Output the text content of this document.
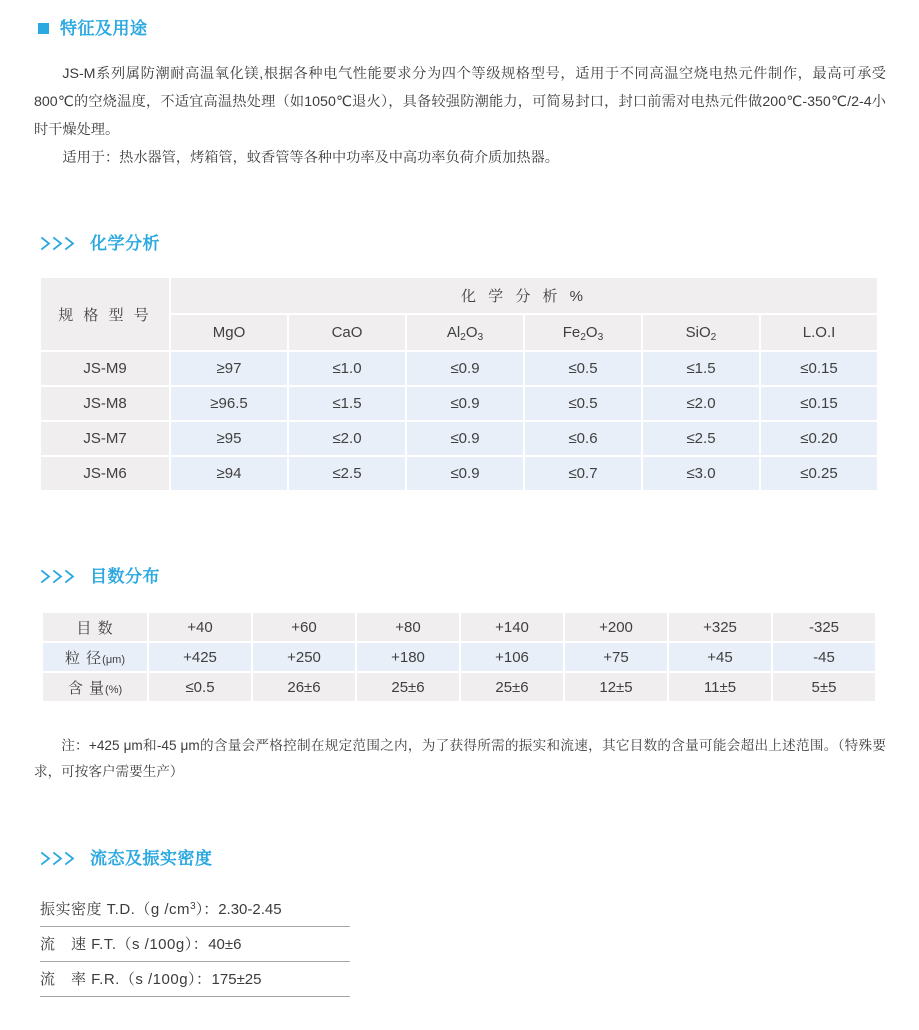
特征及用途

JS-M系列属防潮耐高温氧化镁,根据各种电气性能要求分为四个等级规格型号，适用于不同高温空烧电热元件制作，最高可承受800℃的空烧温度，不适宜高温热处理（如1050℃退火），具备较强防潮能力，可简易封口，封口前需对电热元件做200℃-350℃/2-4小时干燥处理。

适用于：热水器管，烤箱管，蚊香管等各种中功率及中高功率负荷介质加热器。

化学分析
规 格 型 号	化 学 分 析 %					
	MgO	CaO	$Al_2O_3$	$Fe_2O_3$	SiO$_2$	L.O.I
JS-M9	≥97	≤1.0	≤0.9	≤0.5	≤1.5	≤0.15
JS-M8	≥96.5	≤1.5	≤0.9	≤0.5	≤2.0	≤0.15
JS-M7	≥95	≤2.0	≤0.9	≤0.6	≤2.5	≤0.20
JS-M6	≥94	≤2.5	≤0.9	≤0.7	≤3.0	≤0.25
目数分布
目 数	+40	+60	+80	+140	+200	+325	-325
粒 径(μm)	+425	+250	+180	+106	+75	+45	-45
含 量(%)	≤0.5	26±6	25±6	25±6	12±5	11±5	5±5

注：+425 μm和-45 μm的含量会严格控制在规定范围之内，为了获得所需的振实和流速，其它目数的含量可能会超出上述范围。（特殊要求，可按客户需要生产）

流态及振实密度
振实密度 T.D.（g $/cm^3$）：2.30-2.45
流　速 F.T.（s /100g）：40±6
流　率 F.R.（s /100g）：175±25
